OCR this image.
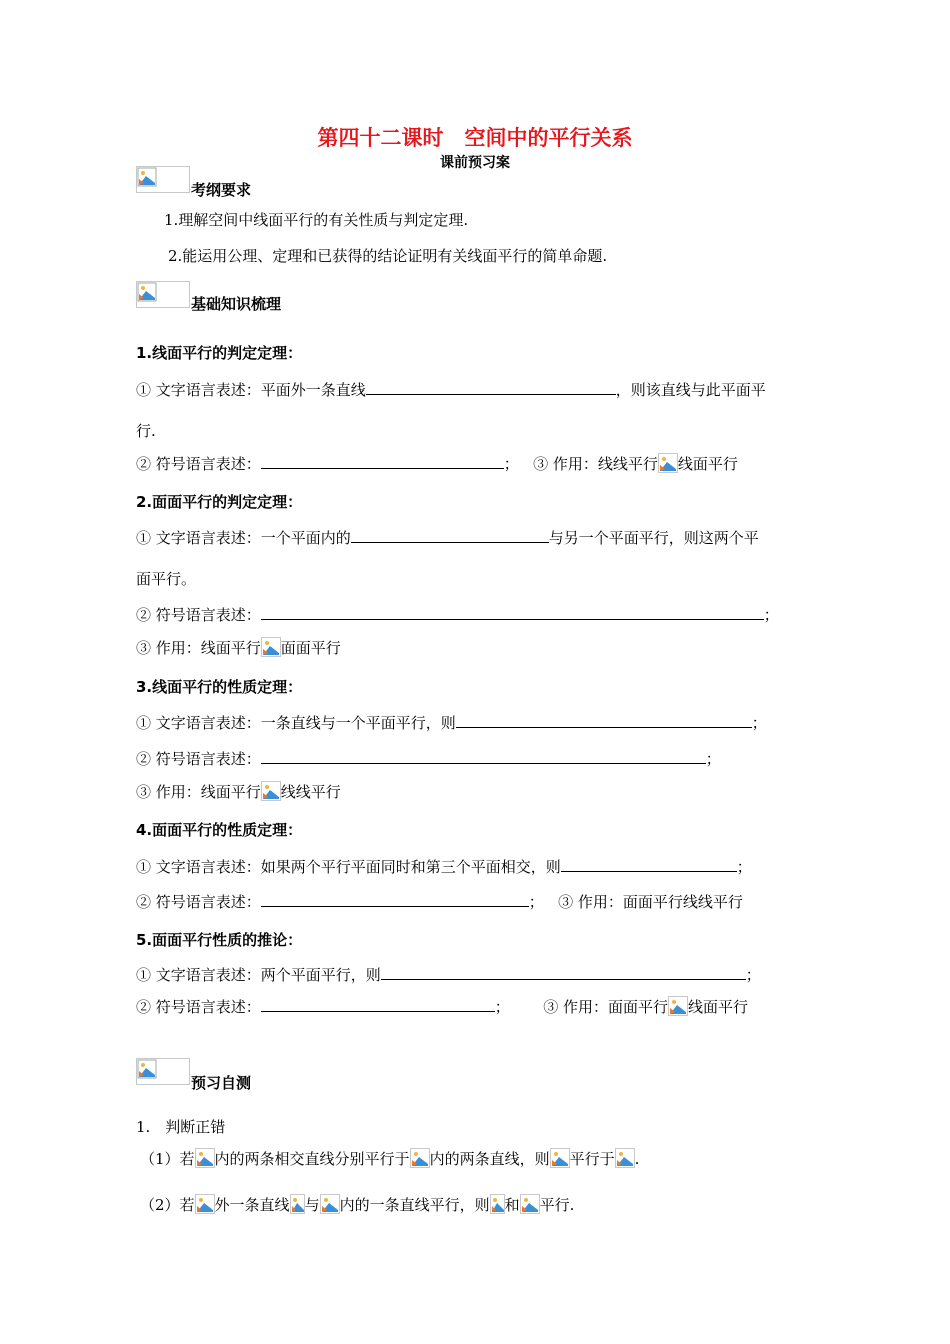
第四十二课时　空间中的平行关系
课前预习案
考纲要求
1.理解空间中线面平行的有关性质与判定定理.
2.能运用公理、定理和已获得的结论证明有关线面平行的简单命题.
基础知识梳理
1.线面平行的判定定理：
① 文字语言表述：平面外一条直线	，则该直线与此平面平
行.
② 符号语言表述：	； ③ 作用：线线平行 线面平行
2.面面平行的判定定理：
① 文字语言表述：一个平面内的	与另一个平面平行，则这两个平
面平行。
② 符号语言表述：	；
③ 作用：线面平行 面面平行
3.线面平行的性质定理：
① 文字语言表述：一条直线与一个平面平行，则	；
② 符号语言表述：	；
③ 作用：线面平行 线线平行
4.面面平行的性质定理：
① 文字语言表述：如果两个平行平面同时和第三个平面相交，则	；
② 符号语言表述：	； ③ 作用：面面平行线线平行
5.面面平行性质的推论：
① 文字语言表述：两个平面平行，则	；
② 符号语言表述：	； ③ 作用：面面平行 线面平行
预习自测
1.　判断正错
（1）若 内的两条相交直线分别平行于 内的两条直线，则 平行于 .
（2）若 外一条直线 与 内的一条直线平行，则 和 平行.
